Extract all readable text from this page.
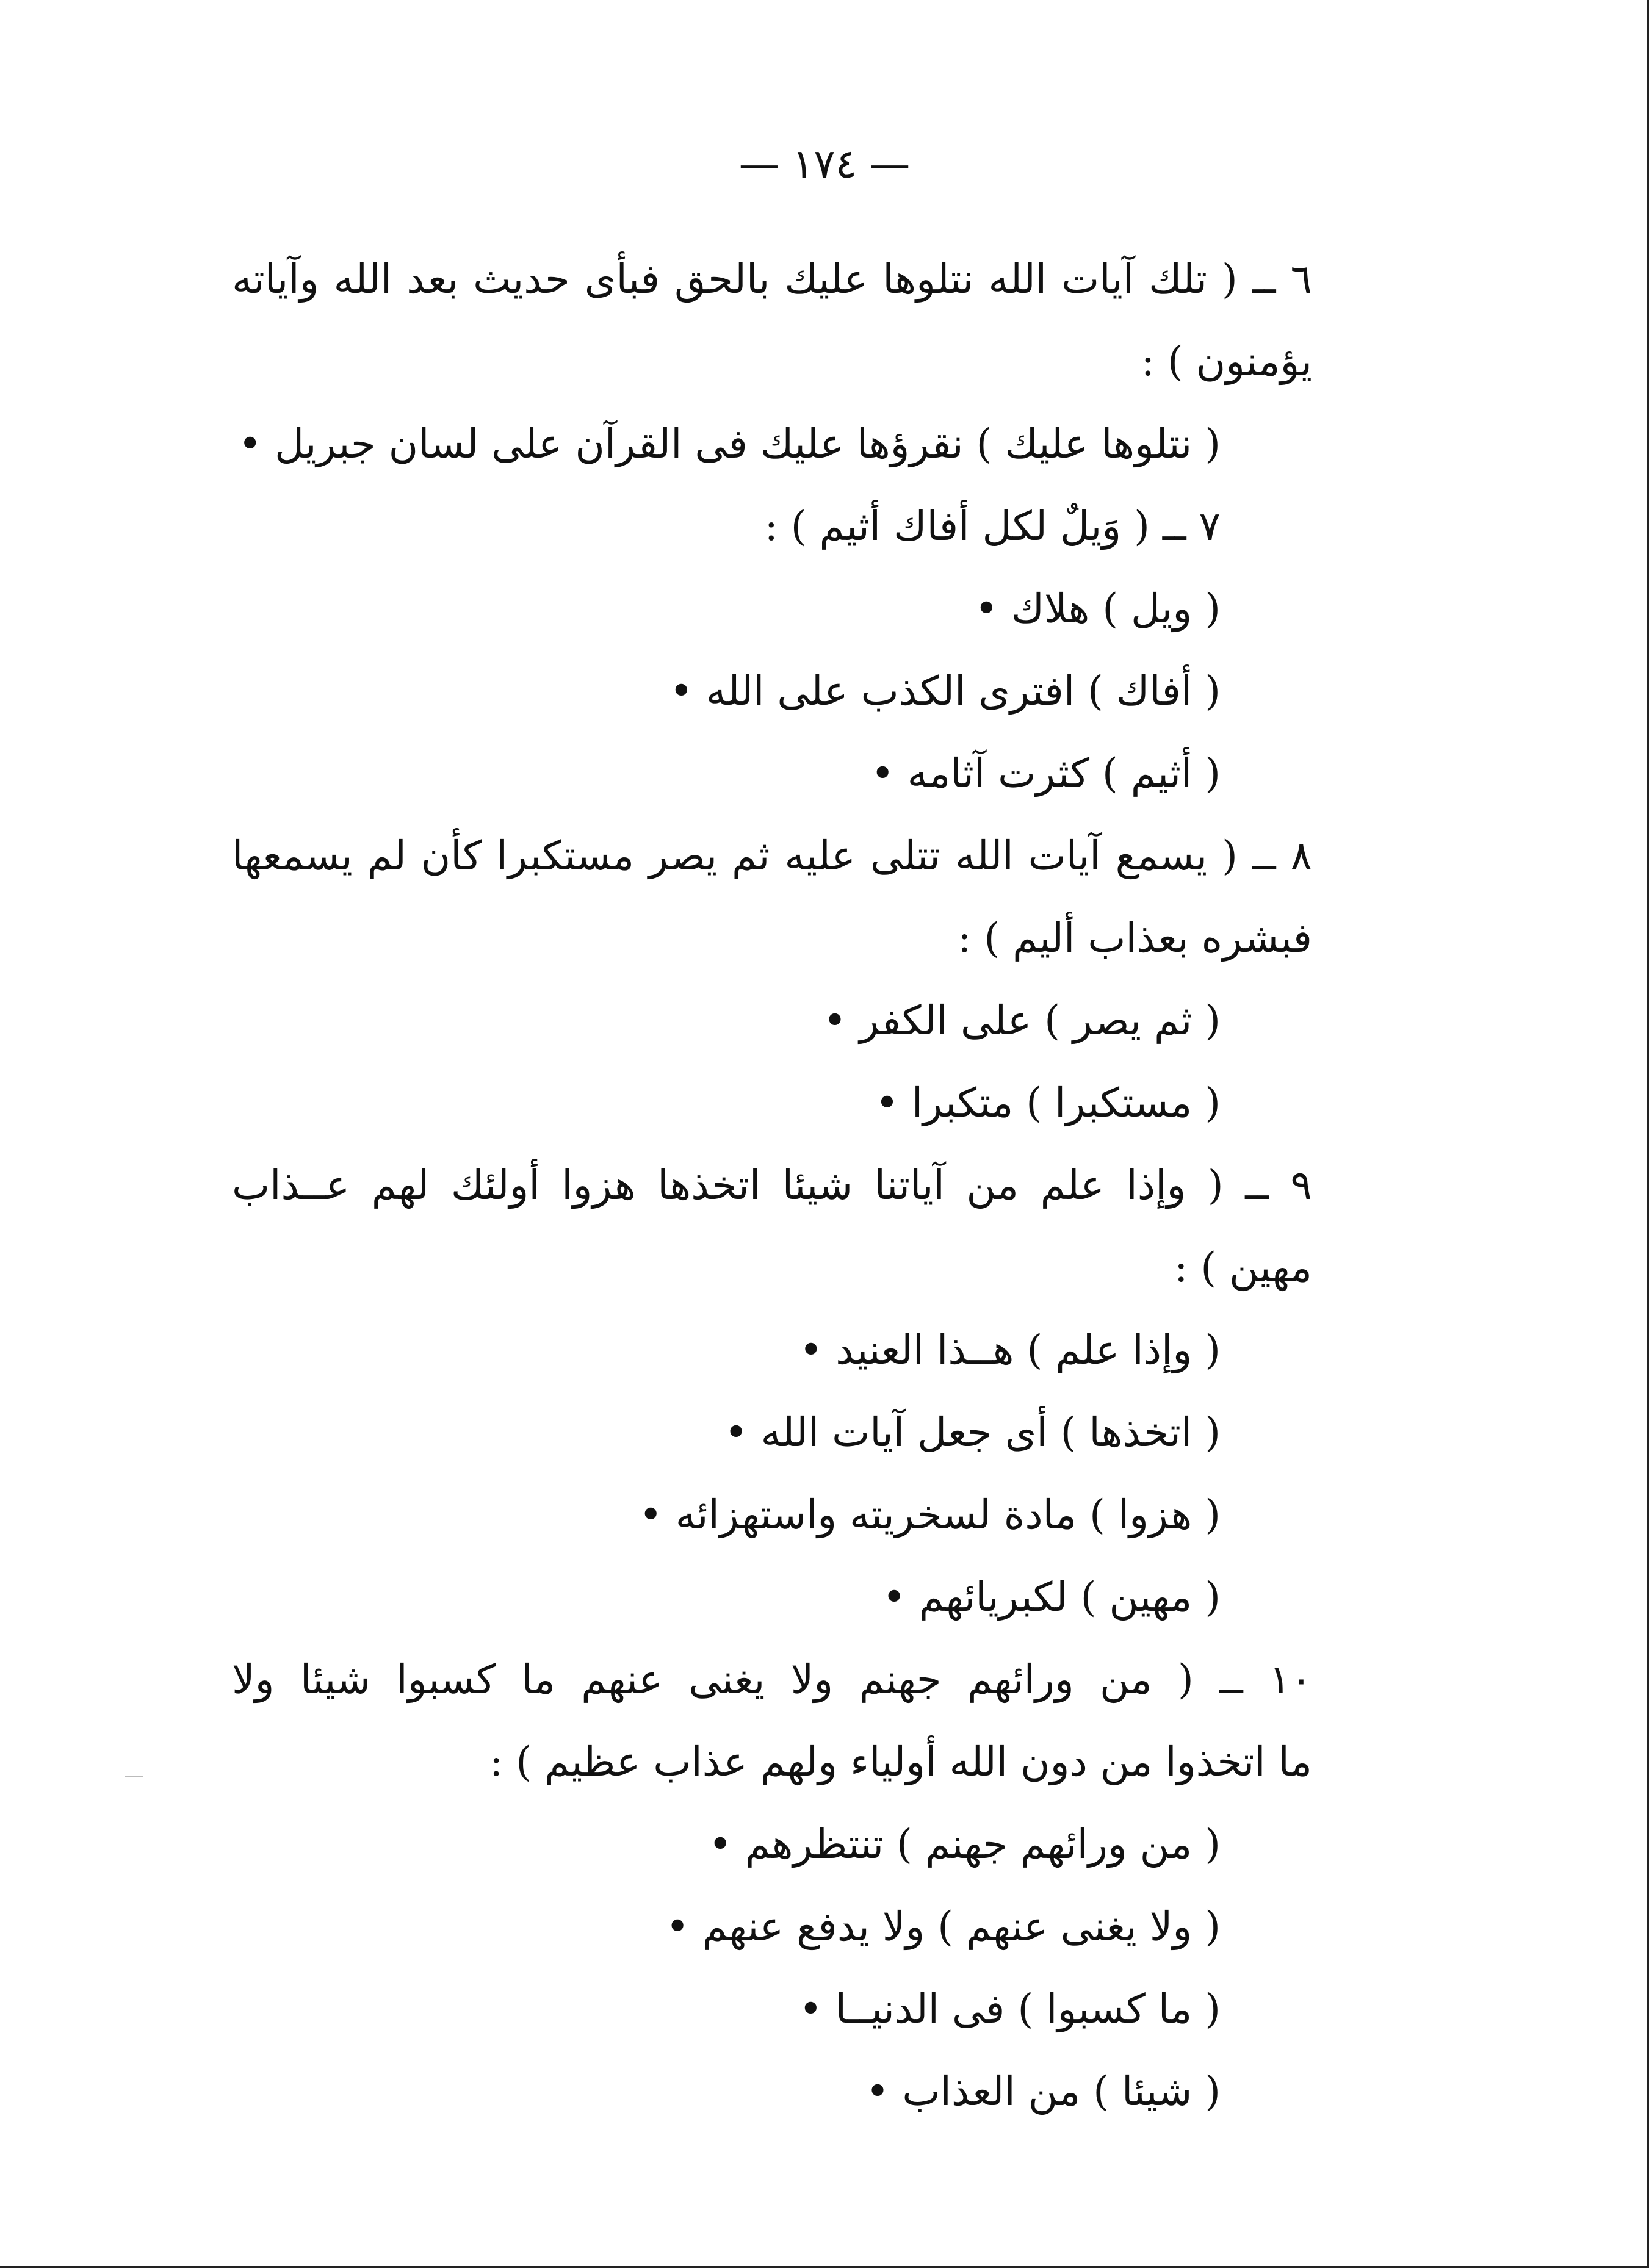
— ١٧٤ —
٦ ــ ( تلك آيات الله نتلوها عليك بالحق فبأى حديث بعد الله وآياته
يؤمنون ) :
( نتلوها عليك ) نقرؤها عليك فى القرآن على لسان جبريل •
٧ ــ ( وَيلٌ لكل أفاك أثيم ) :
( ويل ) هلاك •
( أفاك ) افترى الكذب على الله •
( أثيم ) كثرت آثامه •
٨ ــ ( يسمع آيات الله تتلى عليه ثم يصر مستكبرا كأن لم يسمعها
فبشره بعذاب أليم ) :
( ثم يصر ) على الكفر •
( مستكبرا ) متكبرا •
٩ ــ ( وإذا علم من آياتنا شيئا اتخذها هزوا أولئك لهم عــذاب
مهين ) :
( وإذا علم ) هــذا العنيد •
( اتخذها ) أى جعل آيات الله •
( هزوا ) مادة لسخريته واستهزائه •
( مهين ) لكبريائهم •
١٠ ــ ( من ورائهم جهنم ولا يغنى عنهم ما كسبوا شيئا ولا
ما اتخذوا من دون الله أولياء ولهم عذاب عظيم ) :
( من ورائهم جهنم ) تنتظرهم •
( ولا يغنى عنهم ) ولا يدفع عنهم •
( ما كسبوا ) فى الدنيــا •
( شيئا ) من العذاب •
